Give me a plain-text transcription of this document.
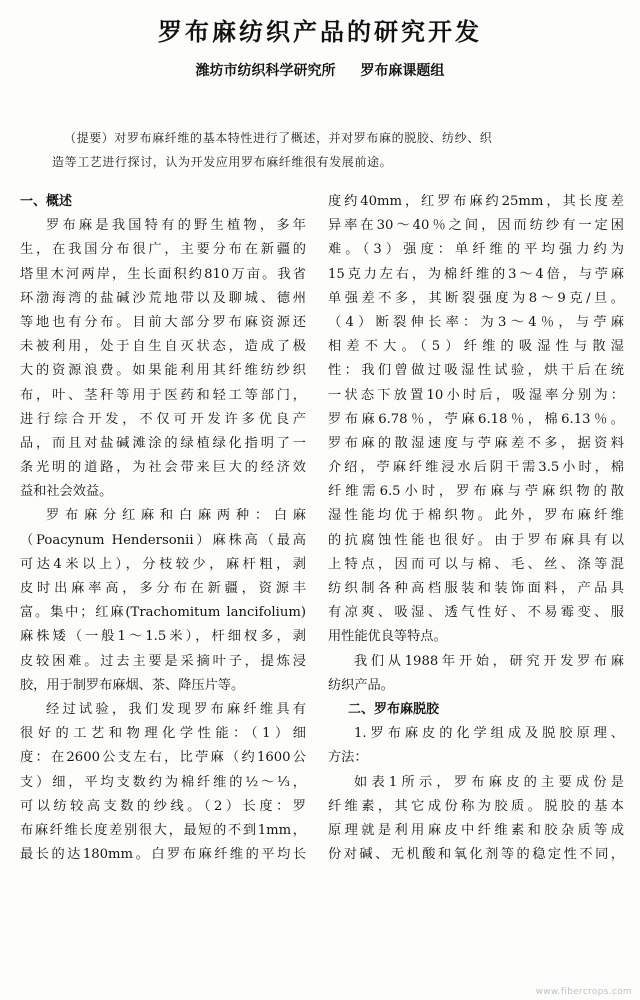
罗布麻纺织产品的研究开发
潍坊市纺织科学研究所 罗布麻课题组
（提要）对罗布麻纤维的基本特性进行了概述，并对罗布麻的脱胶、纺纱、织
造等工艺进行探讨，认为开发应用罗布麻纤维很有发展前途。
一、概述
罗布麻是我国特有的野生植物，多年
生，在我国分布很广，主要分布在新疆的
塔里木河两岸，生长面积约810万亩。我省
环渤海湾的盐碱沙荒地带以及聊城、德州
等地也有分布。目前大部分罗布麻资源还
未被利用，处于自生自灭状态，造成了极
大的资源浪费。如果能利用其纤维纺纱织
布，叶、茎秆等用于医药和轻工等部门，
进行综合开发，不仅可开发许多优良产
品，而且对盐碱滩涂的绿植绿化指明了一
条光明的道路，为社会带来巨大的经济效
益和社会效益。
罗布麻分红麻和白麻两种：白麻
（Poacynum Hendersonii）麻株高（最高
可达4米以上），分枝较少，麻杆粗，剥
皮时出麻率高，多分布在新疆，资源丰
富。集中；红麻(Trachomitum lancifolium)
麻株矮（一般1～1.5米），杆细杈多，剥
皮较困难。过去主要是采摘叶子，提炼浸
胶，用于制罗布麻烟、茶、降压片等。
经过试验，我们发现罗布麻纤维具有
很好的工艺和物理化学性能：（1）细
度：在2600公支左右，比苧麻（约1600公
支）细，平均支数约为棉纤维的½～⅓，
可以纺较高支数的纱线。（2）长度：罗
布麻纤维长度差别很大，最短的不到1mm，
最长的达180mm。白罗布麻纤维的平均长
度约40mm，红罗布麻约25mm，其长度差
异率在30～40％之间，因而纺纱有一定困
难。（3）强度：单纤维的平均强力约为
15克力左右，为棉纤维的3～4倍，与苧麻
单强差不多，其断裂强度为8～9克/旦。
（4）断裂伸长率：为3～4％，与苧麻
相差不大。（5）纤维的吸湿性与散湿
性：我们曾做过吸湿性试验，烘干后在统
一状态下放置10小时后，吸湿率分别为：
罗布麻6.78％，苧麻6.18％，棉6.13％。
罗布麻的散湿速度与苧麻差不多，据资料
介绍，苧麻纤维浸水后阴干需3.5小时，棉
纤维需6.5小时，罗布麻与苧麻织物的散
湿性能均优于棉织物。此外，罗布麻纤维
的抗腐蚀性能也很好。由于罗布麻具有以
上特点，因而可以与棉、毛、丝、涤等混
纺织制各种高档服装和装饰面料，产品具
有凉爽、吸湿、透气性好、不易霉变、服
用性能优良等特点。
我们从1988年开始，研究开发罗布麻
纺织产品。
二、罗布麻脱胶
1.罗布麻皮的化学组成及脱胶原理、
方法：
如表1所示，罗布麻皮的主要成份是
纤维素，其它成份称为胶质。脱胶的基本
原理就是利用麻皮中纤维素和胶杂质等成
份对碱、无机酸和氧化剂等的稳定性不同，
www.fibercrops.com
